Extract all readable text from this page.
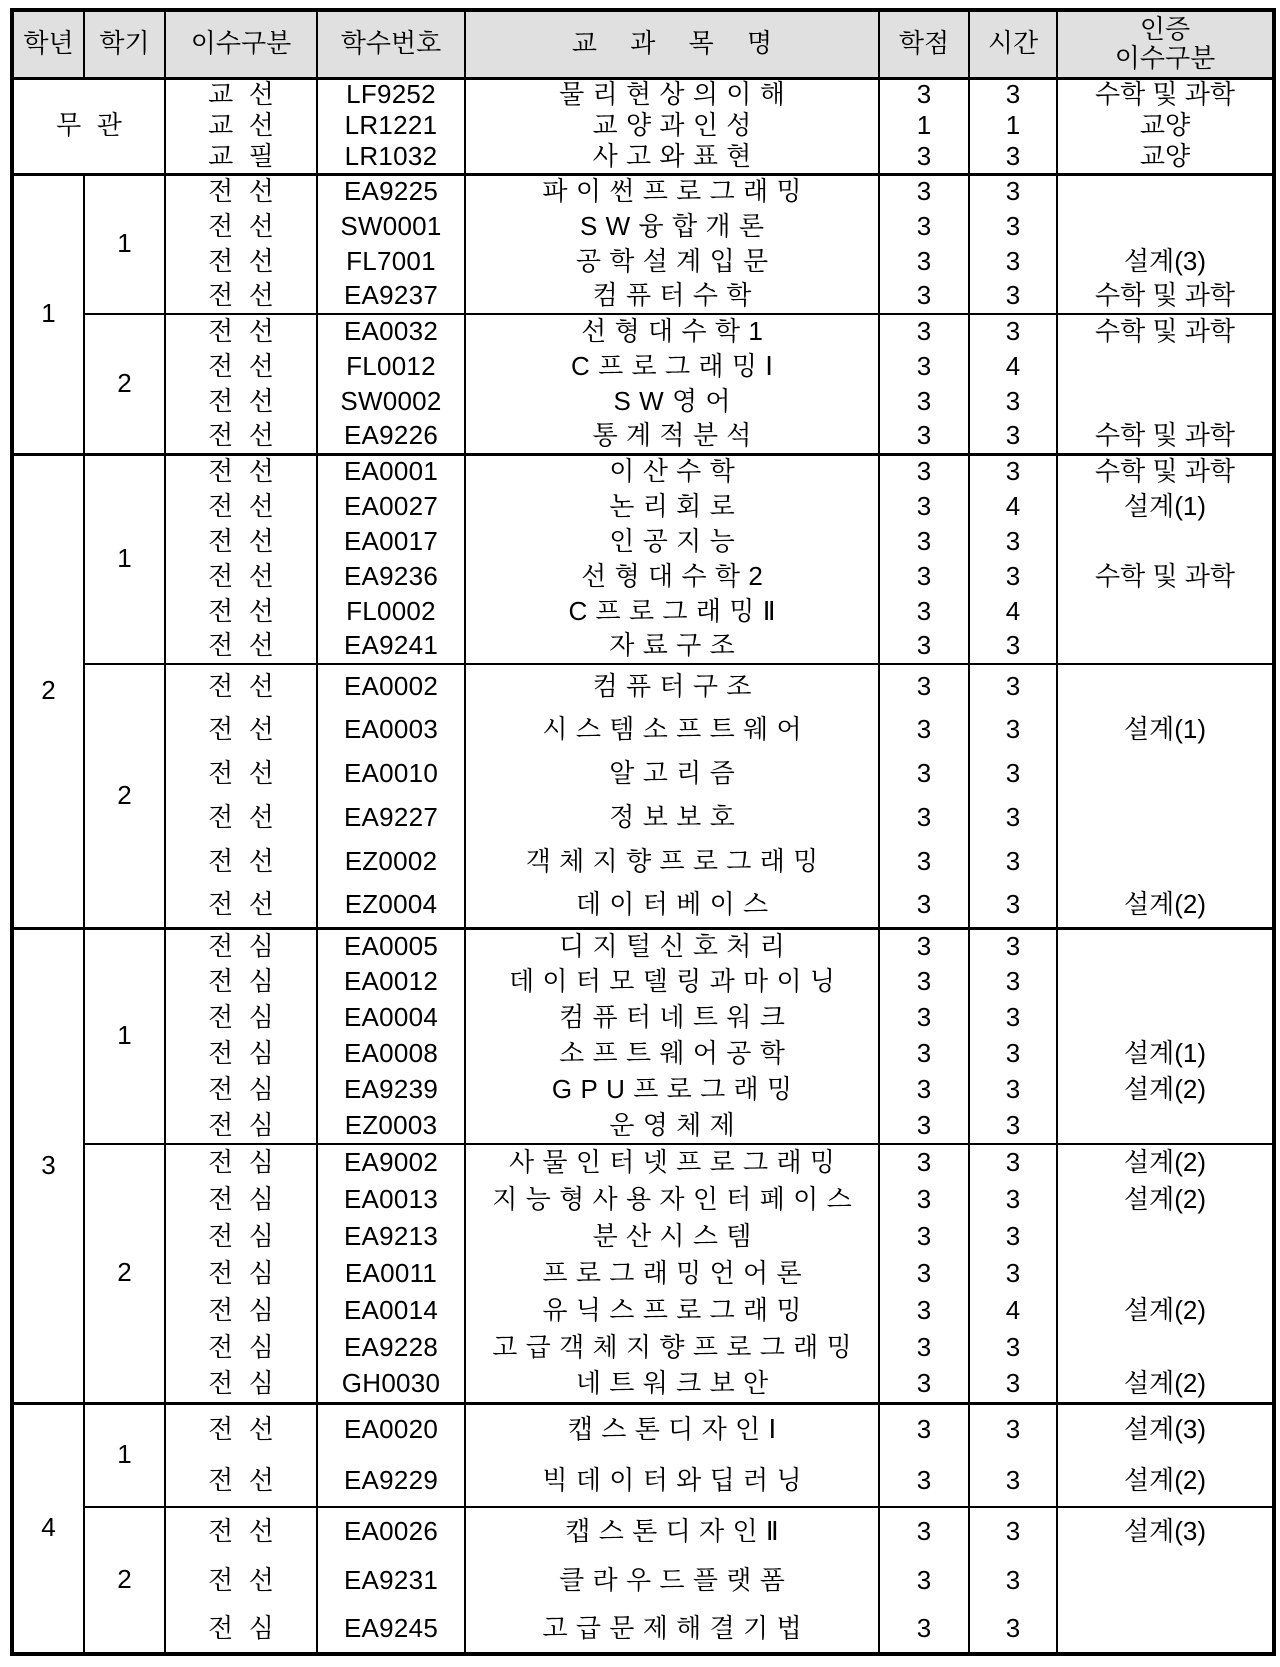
학년	학기	이수구분	학수번호	교 과 목 명	학점	시간	인증
이수구분
무관		교선	LF9252	물리현상의이해	3	3	수학 및 과학
		교선	LR1221	교양과인성	1	1	교양
		교필	LR1032	사고와표현	3	3	교양
1	1	전선	EA9225	파이썬프로그래밍	3	3	
		전선	SW0001	SW융합개론	3	3	
		전선	FL7001	공학설계입문	3	3	설계(3)
		전선	EA9237	컴퓨터수학	3	3	수학 및 과학
	2	전선	EA0032	선형대수학1	3	3	수학 및 과학
		전선	FL0012	C프로그래밍Ⅰ	3	4	
		전선	SW0002	SW영어	3	3	
		전선	EA9226	통계적분석	3	3	수학 및 과학
2	1	전선	EA0001	이산수학	3	3	수학 및 과학
		전선	EA0027	논리회로	3	4	설계(1)
		전선	EA0017	인공지능	3	3	
		전선	EA9236	선형대수학2	3	3	수학 및 과학
		전선	FL0002	C프로그래밍Ⅱ	3	4	
		전선	EA9241	자료구조	3	3	
	2	전선	EA0002	컴퓨터구조	3	3	
		전선	EA0003	시스템소프트웨어	3	3	설계(1)
		전선	EA0010	알고리즘	3	3	
		전선	EA9227	정보보호	3	3	
		전선	EZ0002	객체지향프로그래밍	3	3	
		전선	EZ0004	데이터베이스	3	3	설계(2)
3	1	전심	EA0005	디지털신호처리	3	3	
		전심	EA0012	데이터모델링과마이닝	3	3	
		전심	EA0004	컴퓨터네트워크	3	3	
		전심	EA0008	소프트웨어공학	3	3	설계(1)
		전심	EA9239	GPU프로그래밍	3	3	설계(2)
		전심	EZ0003	운영체제	3	3	
	2	전심	EA9002	사물인터넷프로그래밍	3	3	설계(2)
		전심	EA0013	지능형사용자인터페이스	3	3	설계(2)
		전심	EA9213	분산시스템	3	3	
		전심	EA0011	프로그래밍언어론	3	3	
		전심	EA0014	유닉스프로그래밍	3	4	설계(2)
		전심	EA9228	고급객체지향프로그래밍	3	3	
		전심	GH0030	네트워크보안	3	3	설계(2)
4	1	전선	EA0020	캡스톤디자인Ⅰ	3	3	설계(3)
		전선	EA9229	빅데이터와딥러닝	3	3	설계(2)
	2	전선	EA0026	캡스톤디자인Ⅱ	3	3	설계(3)
		전선	EA9231	클라우드플랫폼	3	3	
		전심	EA9245	고급문제해결기법	3	3	
